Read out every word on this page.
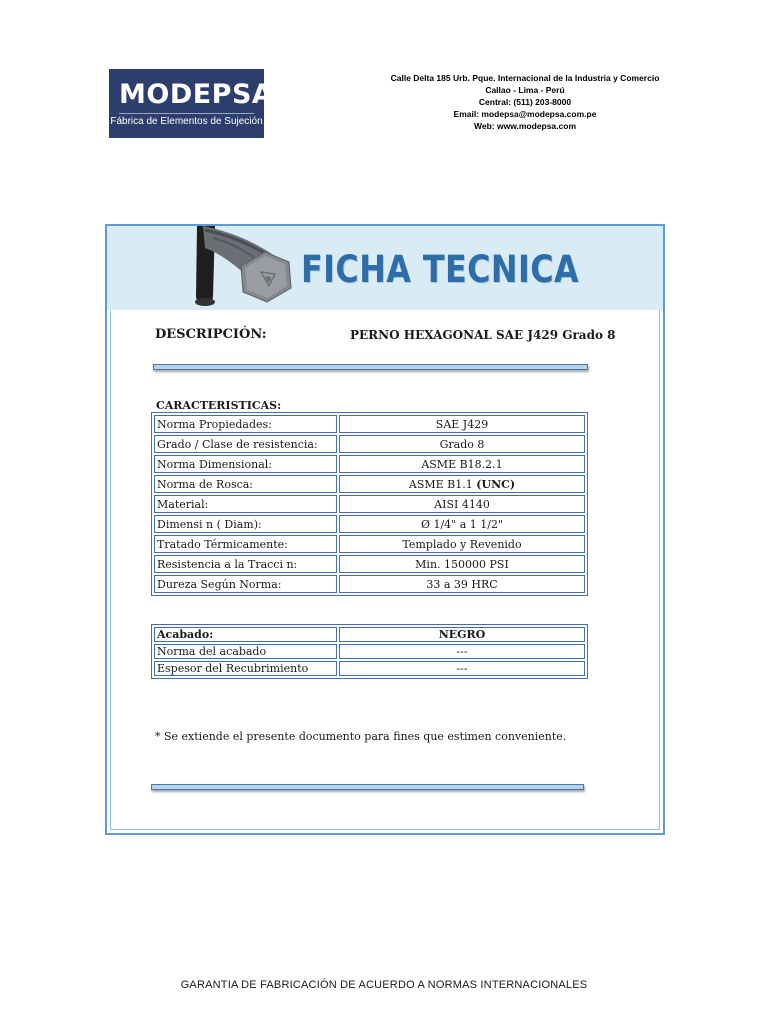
MODEPSA
Fábrica de Elementos de Sujeción
Calle Delta 185 Urb. Pque. Internacional de la Industria y Comercio
Callao - Lima - Perú
Central: (511) 203-8000
Email: modepsa@modepsa.com.pe
Web: www.modepsa.com
FICHA TECNICA
DESCRIPCIÓN:	PERNO HEXAGONAL SAE J429 Grado 8
CARACTERISTICAS:
Norma Propiedades:	SAE J429
Grado / Clase de resistencia:	Grado 8
Norma Dimensional:	ASME B18.2.1
Norma de Rosca:	ASME B1.1 (UNC)
Material:	AISI 4140
Dimensi n ( Diam):	Ø 1/4" a 1 1/2"
Tratado Térmicamente:	Templado y Revenido
Resistencia a la Tracci n:	Min. 150000 PSI
Dureza Según Norma:	33 a 39 HRC
Acabado:	NEGRO
Norma del acabado	---
Espesor del Recubrimiento	---
* Se extiende el presente documento para fines que estimen conveniente.
GARANTIA DE FABRICACIÓN DE ACUERDO A NORMAS INTERNACIONALES
